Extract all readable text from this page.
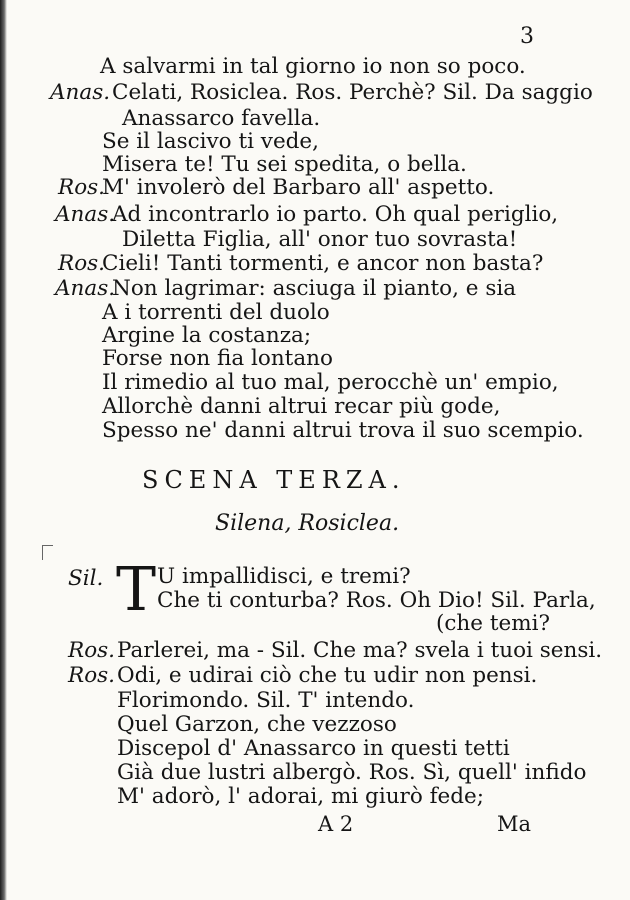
3
A salvarmi in tal giorno io non so poco.
Anas. Celati, Rosiclea. Ros. Perchè? Sil. Da saggio
Anassarco favella.
Se il lascivo ti vede,
Misera te! Tu sei spedita, o bella.
Ros.
M' involerò del Barbaro all' aspetto.
Anas.
Ad incontrarlo io parto. Oh qual periglio,
Diletta Figlia, all' onor tuo sovrasta!
Ros.
Cieli! Tanti tormenti, e ancor non basta?
Anas.
Non lagrimar: asciuga il pianto, e sia
A i torrenti del duolo
Argine la costanza;
Forse non fia lontano
Il rimedio al tuo mal, perocchè un' empio,
Allorchè danni altrui recar più gode,
Spesso ne' danni altrui trova il suo scempio.
SCENA TERZA.
Silena, Rosiclea.
Sil. T U impallidisci, e tremi?
Che ti conturba? Ros. Oh Dio! Sil. Parla,
(che temi?
Ros. Parlerei, ma - Sil. Che ma? svela i tuoi sensi.
Ros. Odi, e udirai ciò che tu udir non pensi.
Florimondo. Sil. T' intendo.
Quel Garzon, che vezzoso
Discepol d' Anassarco in questi tetti
Già due lustri albergò. Ros. Sì, quell' infido
M' adorò, l' adorai, mi giurò fede;
A 2	Ma
